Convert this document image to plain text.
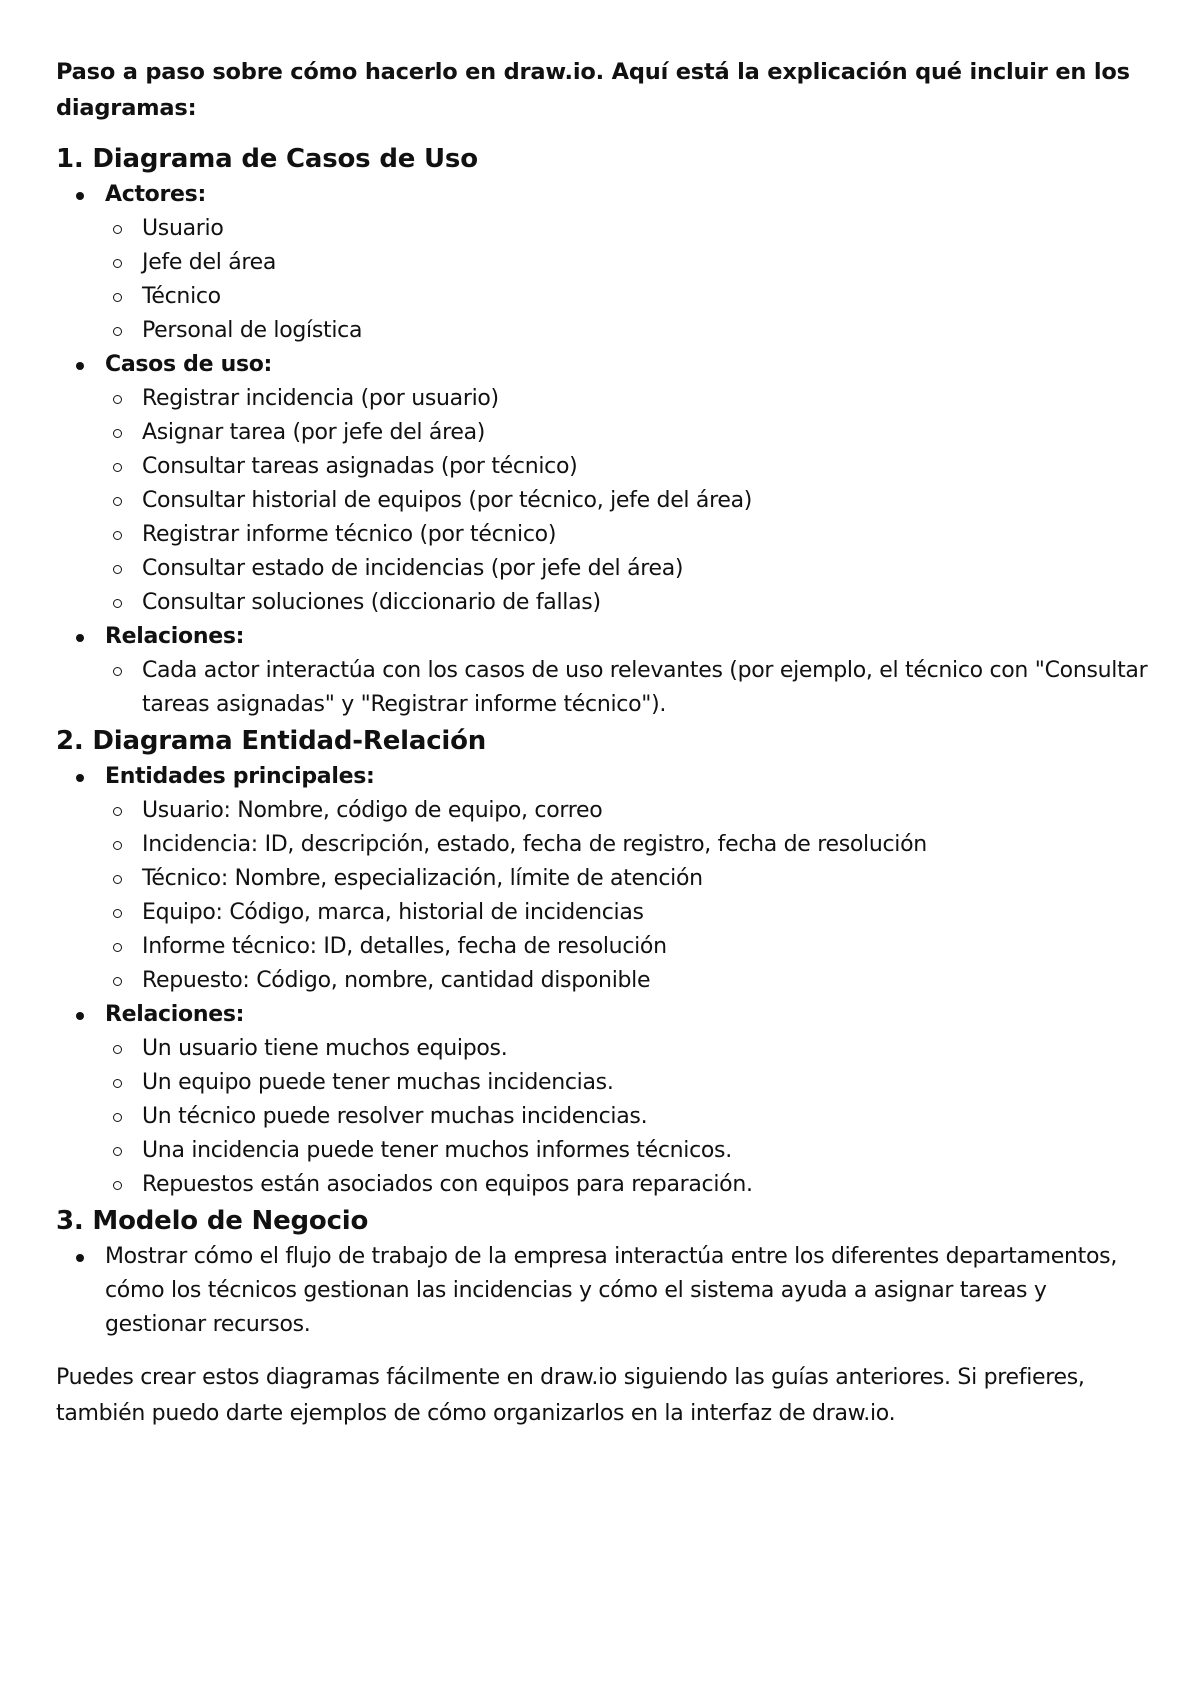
Paso a paso sobre cómo hacerlo en draw.io. Aquí está la explicación qué incluir en los diagramas:

1. Diagrama de Casos de Uso
Actores:
Usuario
Jefe del área
Técnico
Personal de logística
Casos de uso:
Registrar incidencia (por usuario)
Asignar tarea (por jefe del área)
Consultar tareas asignadas (por técnico)
Consultar historial de equipos (por técnico, jefe del área)
Registrar informe técnico (por técnico)
Consultar estado de incidencias (por jefe del área)
Consultar soluciones (diccionario de fallas)
Relaciones:
Cada actor interactúa con los casos de uso relevantes (por ejemplo, el técnico con "Consultar tareas asignadas" y "Registrar informe técnico").
2. Diagrama Entidad-Relación
Entidades principales:
Usuario: Nombre, código de equipo, correo
Incidencia: ID, descripción, estado, fecha de registro, fecha de resolución
Técnico: Nombre, especialización, límite de atención
Equipo: Código, marca, historial de incidencias
Informe técnico: ID, detalles, fecha de resolución
Repuesto: Código, nombre, cantidad disponible
Relaciones:
Un usuario tiene muchos equipos.
Un equipo puede tener muchas incidencias.
Un técnico puede resolver muchas incidencias.
Una incidencia puede tener muchos informes técnicos.
Repuestos están asociados con equipos para reparación.
3. Modelo de Negocio
Mostrar cómo el flujo de trabajo de la empresa interactúa entre los diferentes departamentos, cómo los técnicos gestionan las incidencias y cómo el sistema ayuda a asignar tareas y gestionar recursos.

Puedes crear estos diagramas fácilmente en draw.io siguiendo las guías anteriores. Si prefieres, también puedo darte ejemplos de cómo organizarlos en la interfaz de draw.io.
